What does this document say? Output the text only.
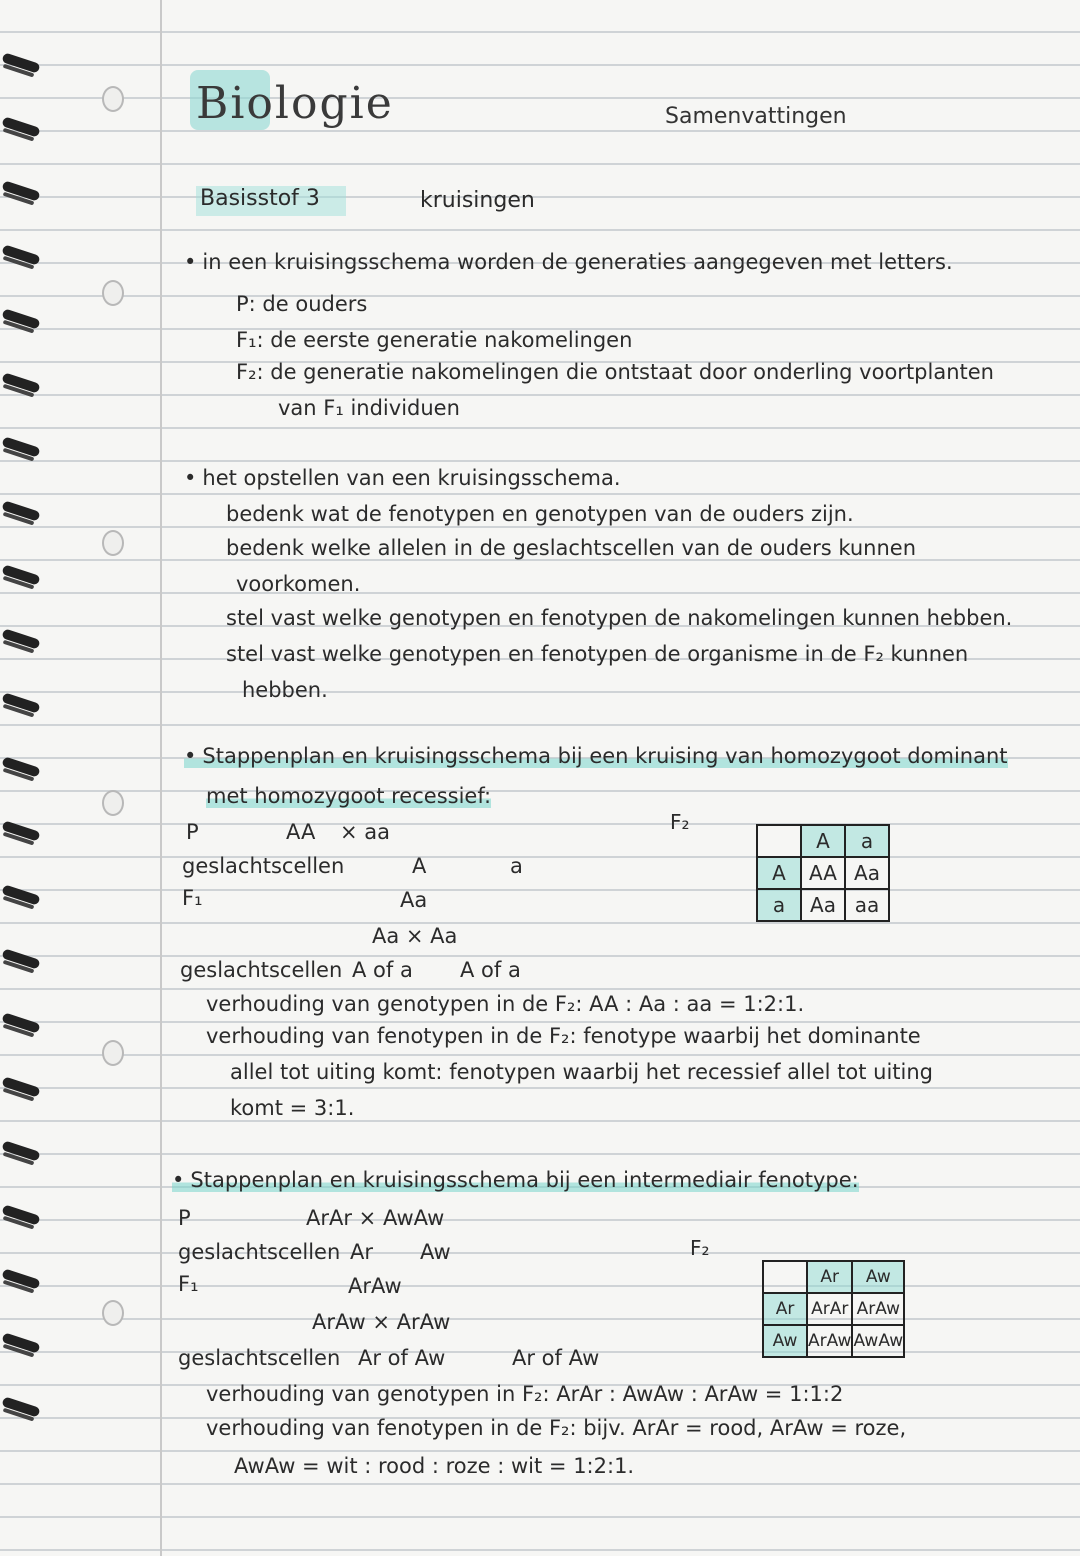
Biologie	Samenvattingen
Basisstof 3	kruisingen
• in een kruisingsschema worden de generaties aangegeven met letters.
P: de ouders
F₁: de eerste generatie nakomelingen
F₂: de generatie nakomelingen die ontstaat door onderling voortplanten
van F₁ individuen
• het opstellen van een kruisingsschema.
bedenk wat de fenotypen en genotypen van de ouders zijn.
bedenk welke allelen in de geslachtscellen van de ouders kunnen
voorkomen.
stel vast welke genotypen en fenotypen de nakomelingen kunnen hebben.
stel vast welke genotypen en fenotypen de organisme in de F₂ kunnen
hebben.
• Stappenplan en kruisingsschema bij een kruising van homozygoot dominant
met homozygoot recessief:
P	AA × aa
geslachtscellen	A	a
F₁	Aa
Aa × Aa
geslachtscellen A of a A of a
F₂
	A	a
A	AA	Aa
a	Aa	aa
verhouding van genotypen in de F₂: AA : Aa : aa = 1:2:1.
verhouding van fenotypen in de F₂: fenotype waarbij het dominante
allel tot uiting komt: fenotypen waarbij het recessief allel tot uiting
komt = 3:1.
• Stappenplan en kruisingsschema bij een intermediair fenotype:
P	ArAr × AwAw
geslachtscellen Ar Aw
F₁	ArAw
ArAw × ArAw
geslachtscellen Ar of Aw	Ar of Aw
F₂
	Ar	Aw
Ar	ArAr	ArAw
Aw	ArAw	AwAw
verhouding van genotypen in F₂: ArAr : AwAw : ArAw = 1:1:2
verhouding van fenotypen in de F₂: bijv. ArAr = rood, ArAw = roze,
AwAw = wit : rood : roze : wit = 1:2:1.
